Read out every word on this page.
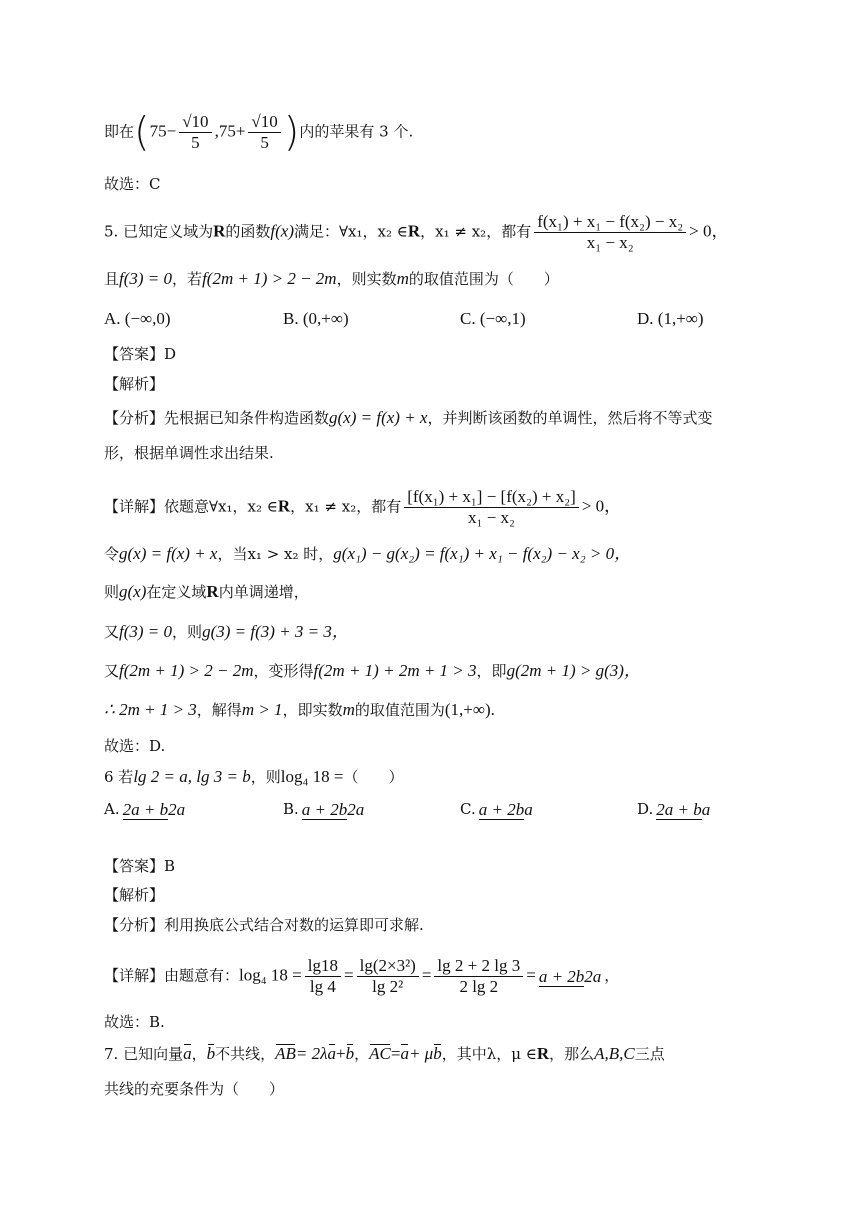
即在($75- \frac{√10}{5} ,75+ \frac{√10}{5}$ )内的苹果有 3 个.
故选：C
5. 已知定义域为R的函数f(x)满足：∀x₁，x₂ ∈R，x₁ ≠ x₂，都有 $\frac{\text{f(x₁) + x₁ − f(x₂) − x₂}}{\text{x₁ − x₂}} > 0$，
且f(3) = 0，若f(2m + 1) > 2 − 2m，则实数m的取值范围为（　　）
A. (−∞,0)	B. (0,+∞)	C. (−∞,1)	D. (1,+∞)
【答案】D
【解析】
【分析】先根据已知条件构造函数g(x) = f(x) + x，并判断该函数的单调性，然后将不等式变
形，根据单调性求出结果.
【详解】依题意∀x₁，x₂ ∈R，x₁ ≠ x₂，都有 $\frac{\text{[f(x₁) + x₁] − [f(x₂) + x₂]}}{\text{x₁ − x₂}} > 0$，
令g(x) = f(x) + x，当x₁ > x₂ 时，g(x₁) − g(x₂) = f(x₁) + x₁ − f(x₂) − x₂ > 0，
则g(x)在定义域R内单调递增，
又f(3) = 0，则g(3) = f(3) + 3 = 3，
又f(2m + 1) > 2 − 2m，变形得f(2m + 1) + 2m + 1 > 3，即g(2m + 1) > g(3)，
∴ 2m + 1 > 3，解得m > 1，即实数m的取值范围为(1,+∞).
故选：D.
6 若lg 2 = a, lg 3 = b，则log₄ 18 =（　　）
A. 2a + b2a	B. a + 2b2a	C. a + 2ba	D. 2a + ba
【答案】B
【解析】
【分析】利用换底公式结合对数的运算即可求解.
【详解】由题意有：log₄ $18 = \frac{\lg 18}{\lg 4} = \frac{\text{lg(2×3²)}}{\text{lg 2²}} = \frac{\lg 2 + 2 \lg 3}{2 \lg 2} = a + 2b2a$ ，
故选：B.
7. 已知向量a，b不共线，AB= 2λa+b，AC=a+ μb，其中λ，μ ∈R，那么A,B,C三点
共线的充要条件为（　　）
